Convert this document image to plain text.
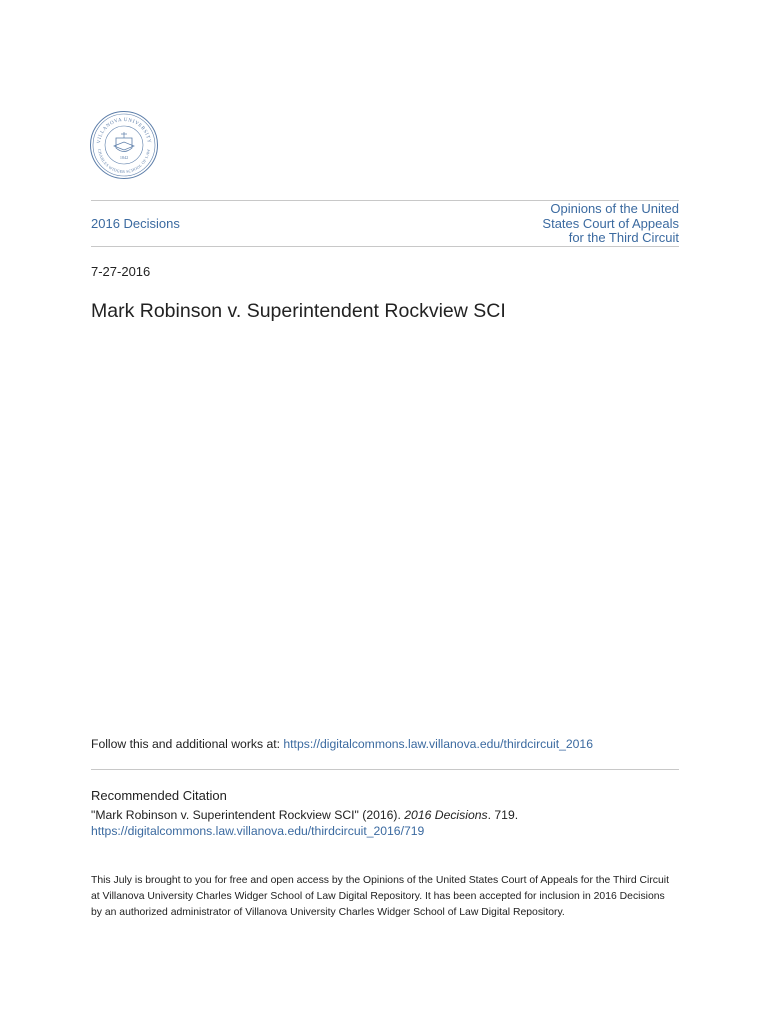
VILLANOVA UNIVERSITY
CHARLES WIDGER SCHOOL OF LAW
1842
2016 Decisions
Opinions of the United
States Court of Appeals
for the Third Circuit
7-27-2016
Mark Robinson v. Superintendent Rockview SCI
Follow this and additional works at: https://digitalcommons.law.villanova.edu/thirdcircuit_2016
Recommended Citation
"Mark Robinson v. Superintendent Rockview SCI" (2016). 2016 Decisions. 719.
https://digitalcommons.law.villanova.edu/thirdcircuit_2016/719
This July is brought to you for free and open access by the Opinions of the United States Court of Appeals for the Third Circuit at Villanova University Charles Widger School of Law Digital Repository. It has been accepted for inclusion in 2016 Decisions by an authorized administrator of Villanova University Charles Widger School of Law Digital Repository.
